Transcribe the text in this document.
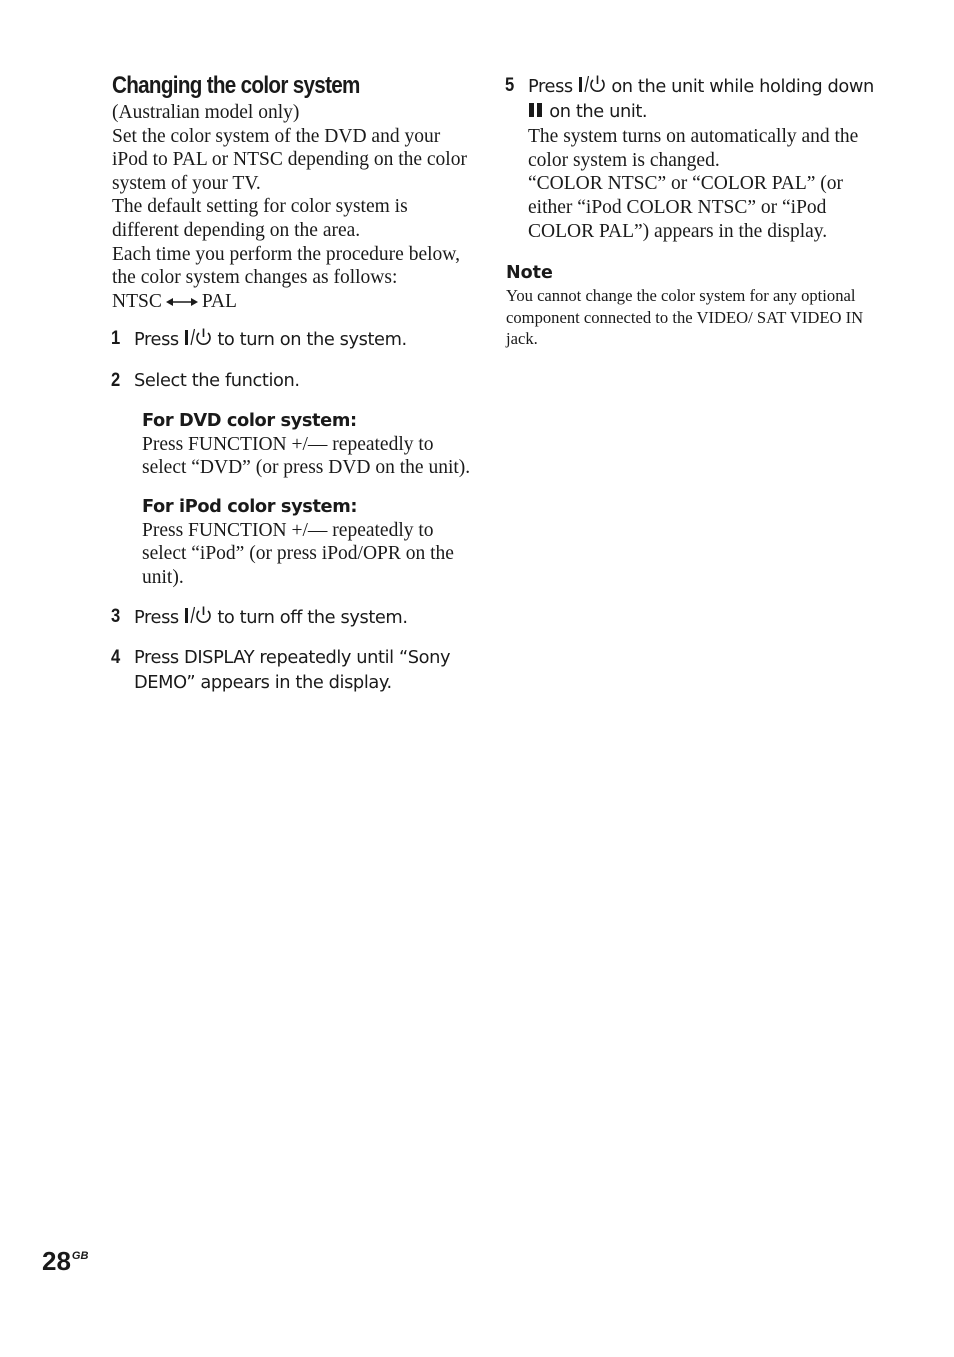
Changing the color system

(Australian model only)

Set the color system of the DVD and your iPod to PAL or NTSC depending on the color system of your TV.

The default setting for color system is different depending on the area.

Each time you perform the procedure below, the color system changes as follows:

NTSC PAL

1 Press  to turn on the system.
2 Select the function.
For DVD color system:
Press FUNCTION +/— repeatedly to select “DVD” (or press DVD on the unit).
For iPod color system:
Press FUNCTION +/— repeatedly to select “iPod” (or press iPod/OPR on the unit).
3 Press  to turn off the system.
4 Press DISPLAY repeatedly until “Sony DEMO” appears in the display.
5 Press  on the unit while holding down  on the unit.
The system turns on automatically and the color system is changed.
“COLOR NTSC” or “COLOR PAL” (or either “iPod COLOR NTSC” or “iPod COLOR PAL”) appears in the display.
Note
You cannot change the color system for any optional component connected to the VIDEO/ SAT VIDEO IN jack.
$28^{GB}$
